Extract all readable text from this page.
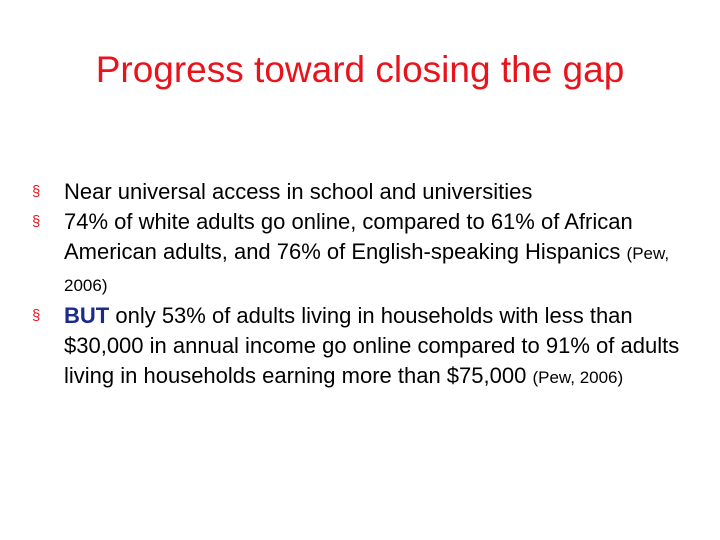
Progress toward closing the gap
§ Near universal access in school and universities
§ 74% of white adults go online, compared to 61% of African American adults, and 76% of English-speaking Hispanics (Pew, 2006)
§ BUT only 53% of adults living in households with less than $30,000 in annual income go online compared to 91% of adults living in households earning more than $75,000 (Pew, 2006)
